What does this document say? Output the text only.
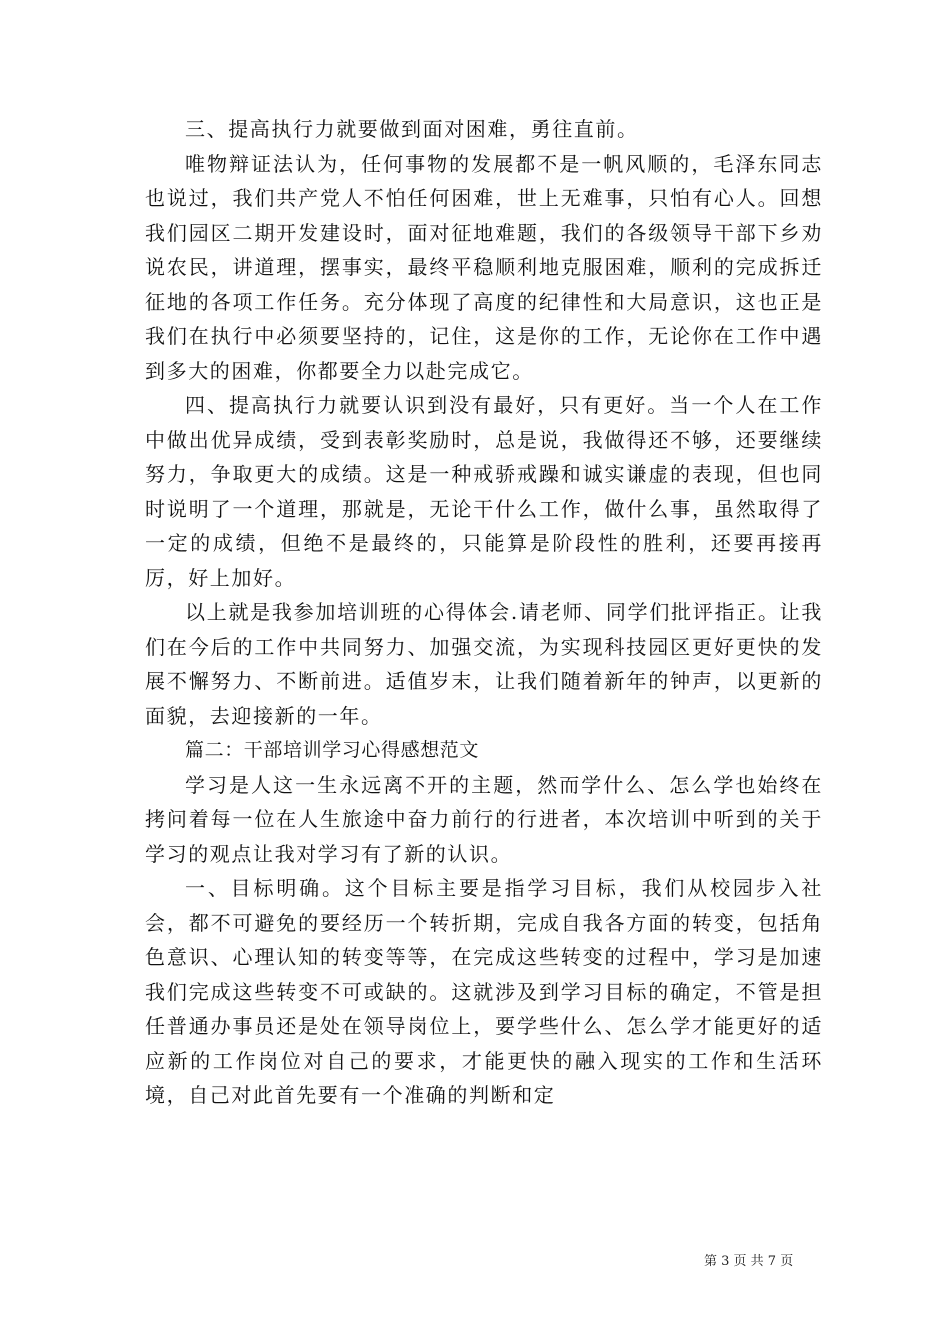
三、提高执行力就要做到面对困难，勇往直前。

唯物辩证法认为，任何事物的发展都不是一帆风顺的，毛泽东同志也说过，我们共产党人不怕任何困难，世上无难事，只怕有心人。回想我们园区二期开发建设时，面对征地难题，我们的各级领导干部下乡劝说农民，讲道理，摆事实，最终平稳顺利地克服困难，顺利的完成拆迁征地的各项工作任务。充分体现了高度的纪律性和大局意识，这也正是我们在执行中必须要坚持的，记住，这是你的工作，无论你在工作中遇到多大的困难，你都要全力以赴完成它。

四、提高执行力就要认识到没有最好，只有更好。当一个人在工作中做出优异成绩，受到表彰奖励时，总是说，我做得还不够，还要继续努力，争取更大的成绩。这是一种戒骄戒躁和诚实谦虚的表现，但也同时说明了一个道理，那就是，无论干什么工作，做什么事，虽然取得了一定的成绩，但绝不是最终的，只能算是阶段性的胜利，还要再接再厉，好上加好。

以上就是我参加培训班的心得体会.请老师、同学们批评指正。让我们在今后的工作中共同努力、加强交流，为实现科技园区更好更快的发展不懈努力、不断前进。适值岁末，让我们随着新年的钟声，以更新的面貌，去迎接新的一年。

篇二：干部培训学习心得感想范文

学习是人这一生永远离不开的主题，然而学什么、怎么学也始终在拷问着每一位在人生旅途中奋力前行的行进者，本次培训中听到的关于学习的观点让我对学习有了新的认识。

一、目标明确。这个目标主要是指学习目标，我们从校园步入社会，都不可避免的要经历一个转折期，完成自我各方面的转变，包括角色意识、心理认知的转变等等，在完成这些转变的过程中，学习是加速我们完成这些转变不可或缺的。这就涉及到学习目标的确定，不管是担任普通办事员还是处在领导岗位上，要学些什么、怎么学才能更好的适应新的工作岗位对自己的要求，才能更快的融入现实的工作和生活环境，自己对此首先要有一个准确的判断和定

第 3 页 共 7 页
